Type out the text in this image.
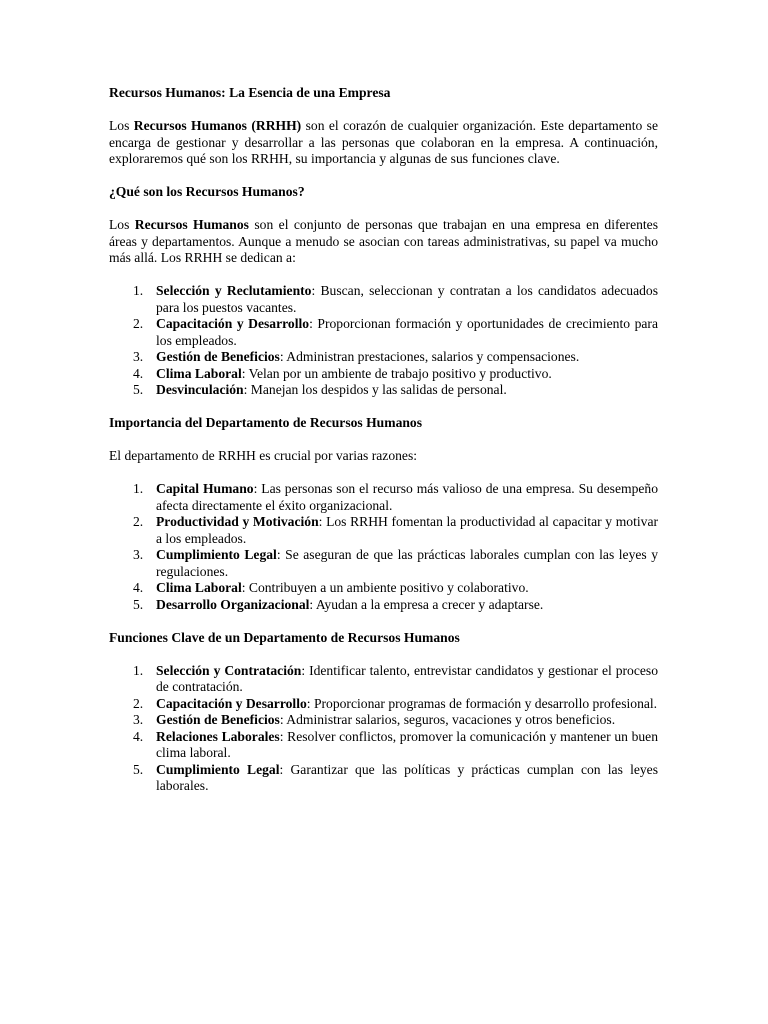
Recursos Humanos: La Esencia de una Empresa

Los Recursos Humanos (RRHH) son el corazón de cualquier organización. Este departamento se encarga de gestionar y desarrollar a las personas que colaboran en la empresa. A continuación, exploraremos qué son los RRHH, su importancia y algunas de sus funciones clave.

¿Qué son los Recursos Humanos?

Los Recursos Humanos son el conjunto de personas que trabajan en una empresa en diferentes áreas y departamentos. Aunque a menudo se asocian con tareas administrativas, su papel va mucho más allá. Los RRHH se dedican a:

1. Selección y Reclutamiento: Buscan, seleccionan y contratan a los candidatos adecuados para los puestos vacantes.
2. Capacitación y Desarrollo: Proporcionan formación y oportunidades de crecimiento para los empleados.
3. Gestión de Beneficios: Administran prestaciones, salarios y compensaciones.
4. Clima Laboral: Velan por un ambiente de trabajo positivo y productivo.
5. Desvinculación: Manejan los despidos y las salidas de personal.
Importancia del Departamento de Recursos Humanos

El departamento de RRHH es crucial por varias razones:

1. Capital Humano: Las personas son el recurso más valioso de una empresa. Su desempeño afecta directamente el éxito organizacional.
2. Productividad y Motivación: Los RRHH fomentan la productividad al capacitar y motivar a los empleados.
3. Cumplimiento Legal: Se aseguran de que las prácticas laborales cumplan con las leyes y regulaciones.
4. Clima Laboral: Contribuyen a un ambiente positivo y colaborativo.
5. Desarrollo Organizacional: Ayudan a la empresa a crecer y adaptarse.
Funciones Clave de un Departamento de Recursos Humanos
1. Selección y Contratación: Identificar talento, entrevistar candidatos y gestionar el proceso de contratación.
2. Capacitación y Desarrollo: Proporcionar programas de formación y desarrollo profesional.
3. Gestión de Beneficios: Administrar salarios, seguros, vacaciones y otros beneficios.
4. Relaciones Laborales: Resolver conflictos, promover la comunicación y mantener un buen clima laboral.
5. Cumplimiento Legal: Garantizar que las políticas y prácticas cumplan con las leyes laborales.
